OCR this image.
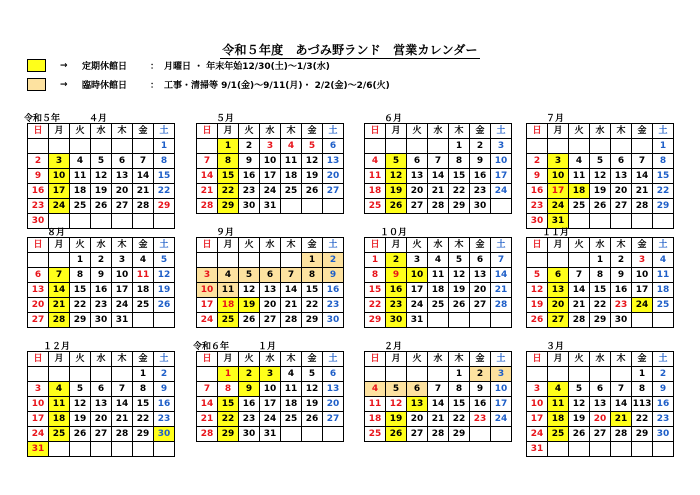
令和５年度　あづみ野ランド　営業カレンダー
→	定期休館日	： 月曜日 ・ 年末年始12/30(土)～1/3(水)
→	臨時休館日	： 工事・清掃等 9/1(金)～9/11(月)・ 2/2(金)～2/6(火)
令和５年	４月
日	月	火	水	木	金	土
						1
2	3	4	5	6	7	8
9	10	11	12	13	14	15
16	17	18	19	20	21	22
23	24	25	26	27	28	29
30						
５月
日	月	火	水	木	金	土
	1	2	3	4	5	6
7	8	9	10	11	12	13
14	15	16	17	18	19	20
21	22	23	24	25	26	27
28	29	30	31			
６月
日	月	火	水	木	金	土
				1	2	3
4	5	6	7	8	9	10
11	12	13	14	15	16	17
18	19	20	21	22	23	24
25	26	27	28	29	30	
７月
日	月	火	水	木	金	土
						1
2	3	4	5	6	7	8
9	10	11	12	13	14	15
16	17	18	19	20	21	22
23	24	25	26	27	28	29
30	31					
８月
日	月	火	水	木	金	土
		1	2	3	4	5
6	7	8	9	10	11	12
13	14	15	16	17	18	19
20	21	22	23	24	25	26
27	28	29	30	31		
９月
日	月	火	水	木	金	土
					1	2
3	4	5	6	7	8	9
10	11	12	13	14	15	16
17	18	19	20	21	22	23
24	25	26	27	28	29	30
１０月
日	月	火	水	木	金	土
1	2	3	4	5	6	7
8	9	10	11	12	13	14
15	16	17	18	19	20	21
22	23	24	25	26	27	28
29	30	31				
１１月
日	月	火	水	木	金	土
			1	2	3	4
5	6	7	8	9	10	11
12	13	14	15	16	17	18
19	20	21	22	23	24	25
26	27	28	29	30		
１２月
日	月	火	水	木	金	土
					1	2
3	4	5	6	7	8	9
10	11	12	13	14	15	16
17	18	19	20	21	22	23
24	25	26	27	28	29	30
31						
令和６年	１月
日	月	火	水	木	金	土
	1	2	3	4	5	6
7	8	9	10	11	12	13
14	15	16	17	18	19	20
21	22	23	24	25	26	27
28	29	30	31			
２月
日	月	火	水	木	金	土
				1	2	3
4	5	6	7	8	9	10
11	12	13	14	15	16	17
18	19	20	21	22	23	24
25	26	27	28	29		
３月
日	月	火	水	木	金	土
					1	2
3	4	5	6	7	8	9
10	11	12	13	14	113	16
17	18	19	20	21	22	23
24	25	26	27	28	29	30
31						
